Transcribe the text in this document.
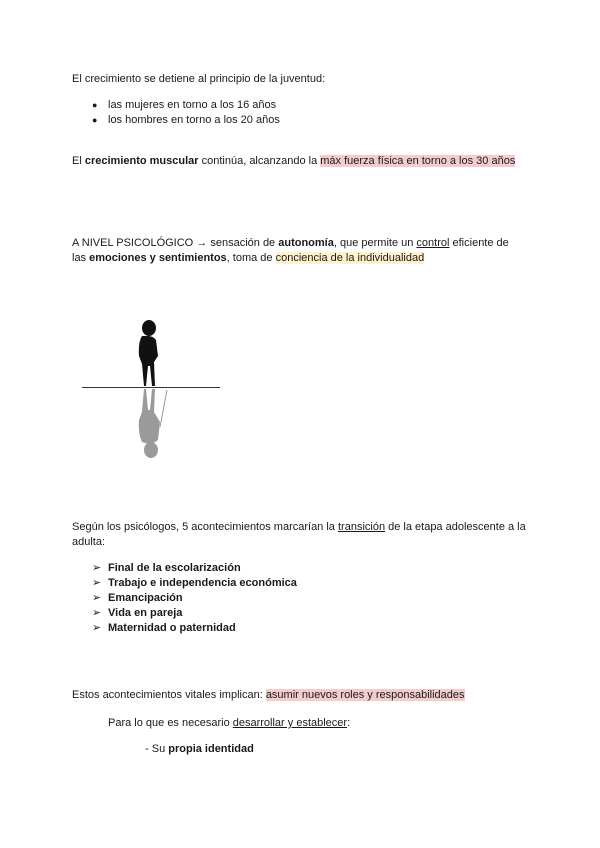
El crecimiento se detiene al principio de la juventud:

● las mujeres en torno a los 16 años
● los hombres en torno a los 20 años

El crecimiento muscular continúa, alcanzando la máx fuerza física en torno a los 30 años

A NIVEL PSICOLÓGICO → sensación de autonomía, que permite un control eficiente de las emociones y sentimientos, toma de conciencia de la individualidad

Según los psicólogos, 5 acontecimientos marcarían la transición de la etapa adolescente a la adulta:

➢ Final de la escolarización
➢ Trabajo e independencia económica
➢ Emancipación
➢ Vida en pareja
➢ Maternidad o paternidad

Estos acontecimientos vitales implican: asumir nuevos roles y responsabilidades

Para lo que es necesario desarrollar y establecer:

- Su propia identidad
